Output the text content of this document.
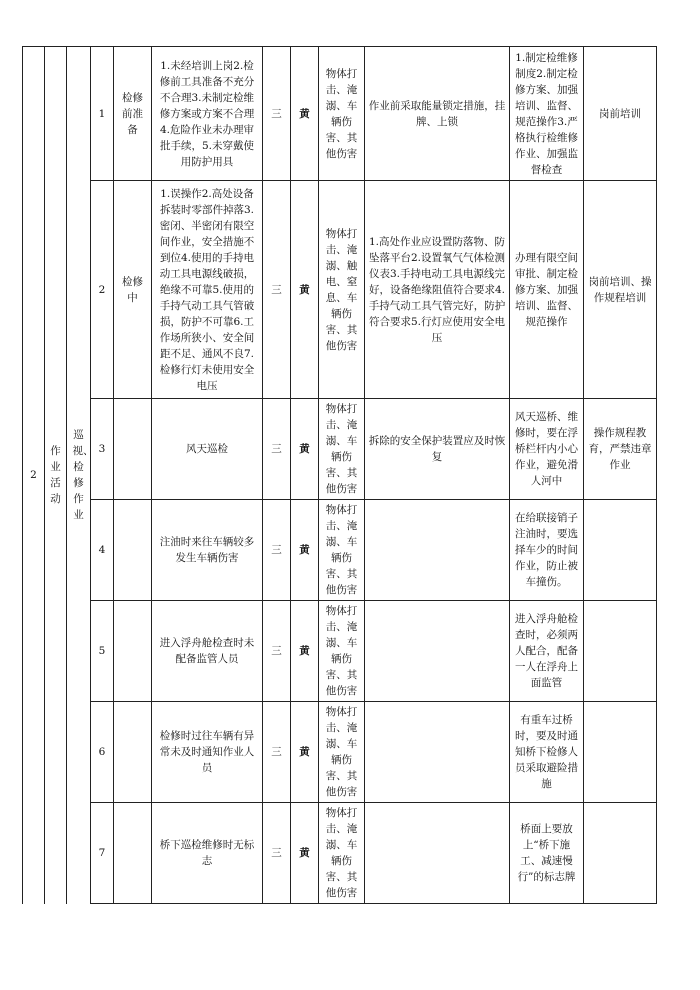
2	作业活动	巡视、检修作业	1	检修前准备	1.未经培训上岗2.检修前工具准备不充分不合理3.未制定检维修方案或方案不合理4.危险作业未办理审批手续，5.未穿戴使用防护用具	三	黄	物体打击、淹溺、车辆伤害、其他伤害	作业前采取能量锁定措施，挂牌、上锁	1.制定检维修制度2.制定检修方案、加强培训、监督、规范操作3.严格执行检维修作业、加强监督检查	岗前培训
			2	检修中	1.误操作2.高处设备拆装时零部件掉落3.密闭、半密闭有限空间作业，安全措施不到位4.使用的手持电动工具电源线破损，绝缘不可靠5.使用的手持气动工具气管破损，防护不可靠6.工作场所狭小、安全间距不足、通风不良7.检修行灯未使用安全电压	三	黄	物体打击、淹溺、触电、窒息、车辆伤害、其他伤害	1.高处作业应设置防落物、防坠落平台2.设置氧气气体检测仪表3.手持电动工具电源线完好，设备绝缘阻值符合要求4.手持气动工具气管完好，防护符合要求5.行灯应使用安全电压	办理有限空间审批、制定检修方案、加强培训、监督、规范操作	岗前培训、操作规程培训
			3		风天巡检	三	黄	物体打击、淹溺、车辆伤害、其他伤害	拆除的安全保护装置应及时恢复	风天巡桥、维修时，要在浮桥栏杆内小心作业，避免滑人河中	操作规程教育，严禁违章作业
			4		注油时来往车辆较多发生车辆伤害	三	黄	物体打击、淹溺、车辆伤害、其他伤害		在给联接销子注油时，要选择车少的时间作业，防止被车撞伤。	
			5		进入浮舟舱检查时未配备监管人员	三	黄	物体打击、淹溺、车辆伤害、其他伤害		进入浮舟舱检查时，必须两人配合，配备一人在浮舟上面监管	
			6		检修时过往车辆有异常未及时通知作业人员	三	黄	物体打击、淹溺、车辆伤害、其他伤害		有重车过桥时，要及时通知桥下检修人员采取避险措施	
			7		桥下巡检维修时无标志	三	黄	物体打击、淹溺、车辆伤害、其他伤害		桥面上要放上“桥下施工、减速慢行”的标志牌	
